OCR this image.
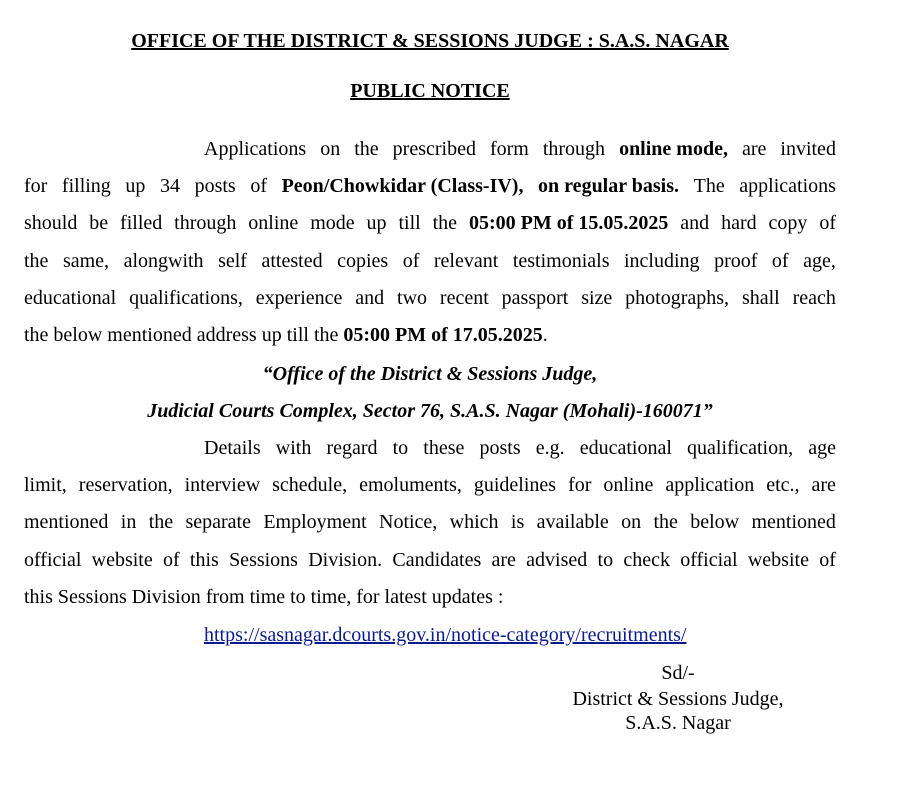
OFFICE OF THE DISTRICT & SESSIONS JUDGE : S.A.S. NAGAR
PUBLIC NOTICE
Applications on the prescribed form through online mode, are invited
for filling up 34 posts of Peon/Chowkidar (Class-IV), on regular basis. The applications
should be filled through online mode up till the 05:00 PM of 15.05.2025 and hard copy of
the same, alongwith self attested copies of relevant testimonials including proof of age,
educational qualifications, experience and two recent passport size photographs, shall reach
the below mentioned address up till the 05:00 PM of 17.05.2025.
“Office of the District & Sessions Judge,
Judicial Courts Complex, Sector 76, S.A.S. Nagar (Mohali)-160071”
Details with regard to these posts e.g. educational qualification, age
limit, reservation, interview schedule, emoluments, guidelines for online application etc., are
mentioned in the separate Employment Notice, which is available on the below mentioned
official website of this Sessions Division. Candidates are advised to check official website of
this Sessions Division from time to time, for latest updates :
https://sasnagar.dcourts.gov.in/notice-category/recruitments/
Sd/-
District & Sessions Judge,
S.A.S. Nagar
